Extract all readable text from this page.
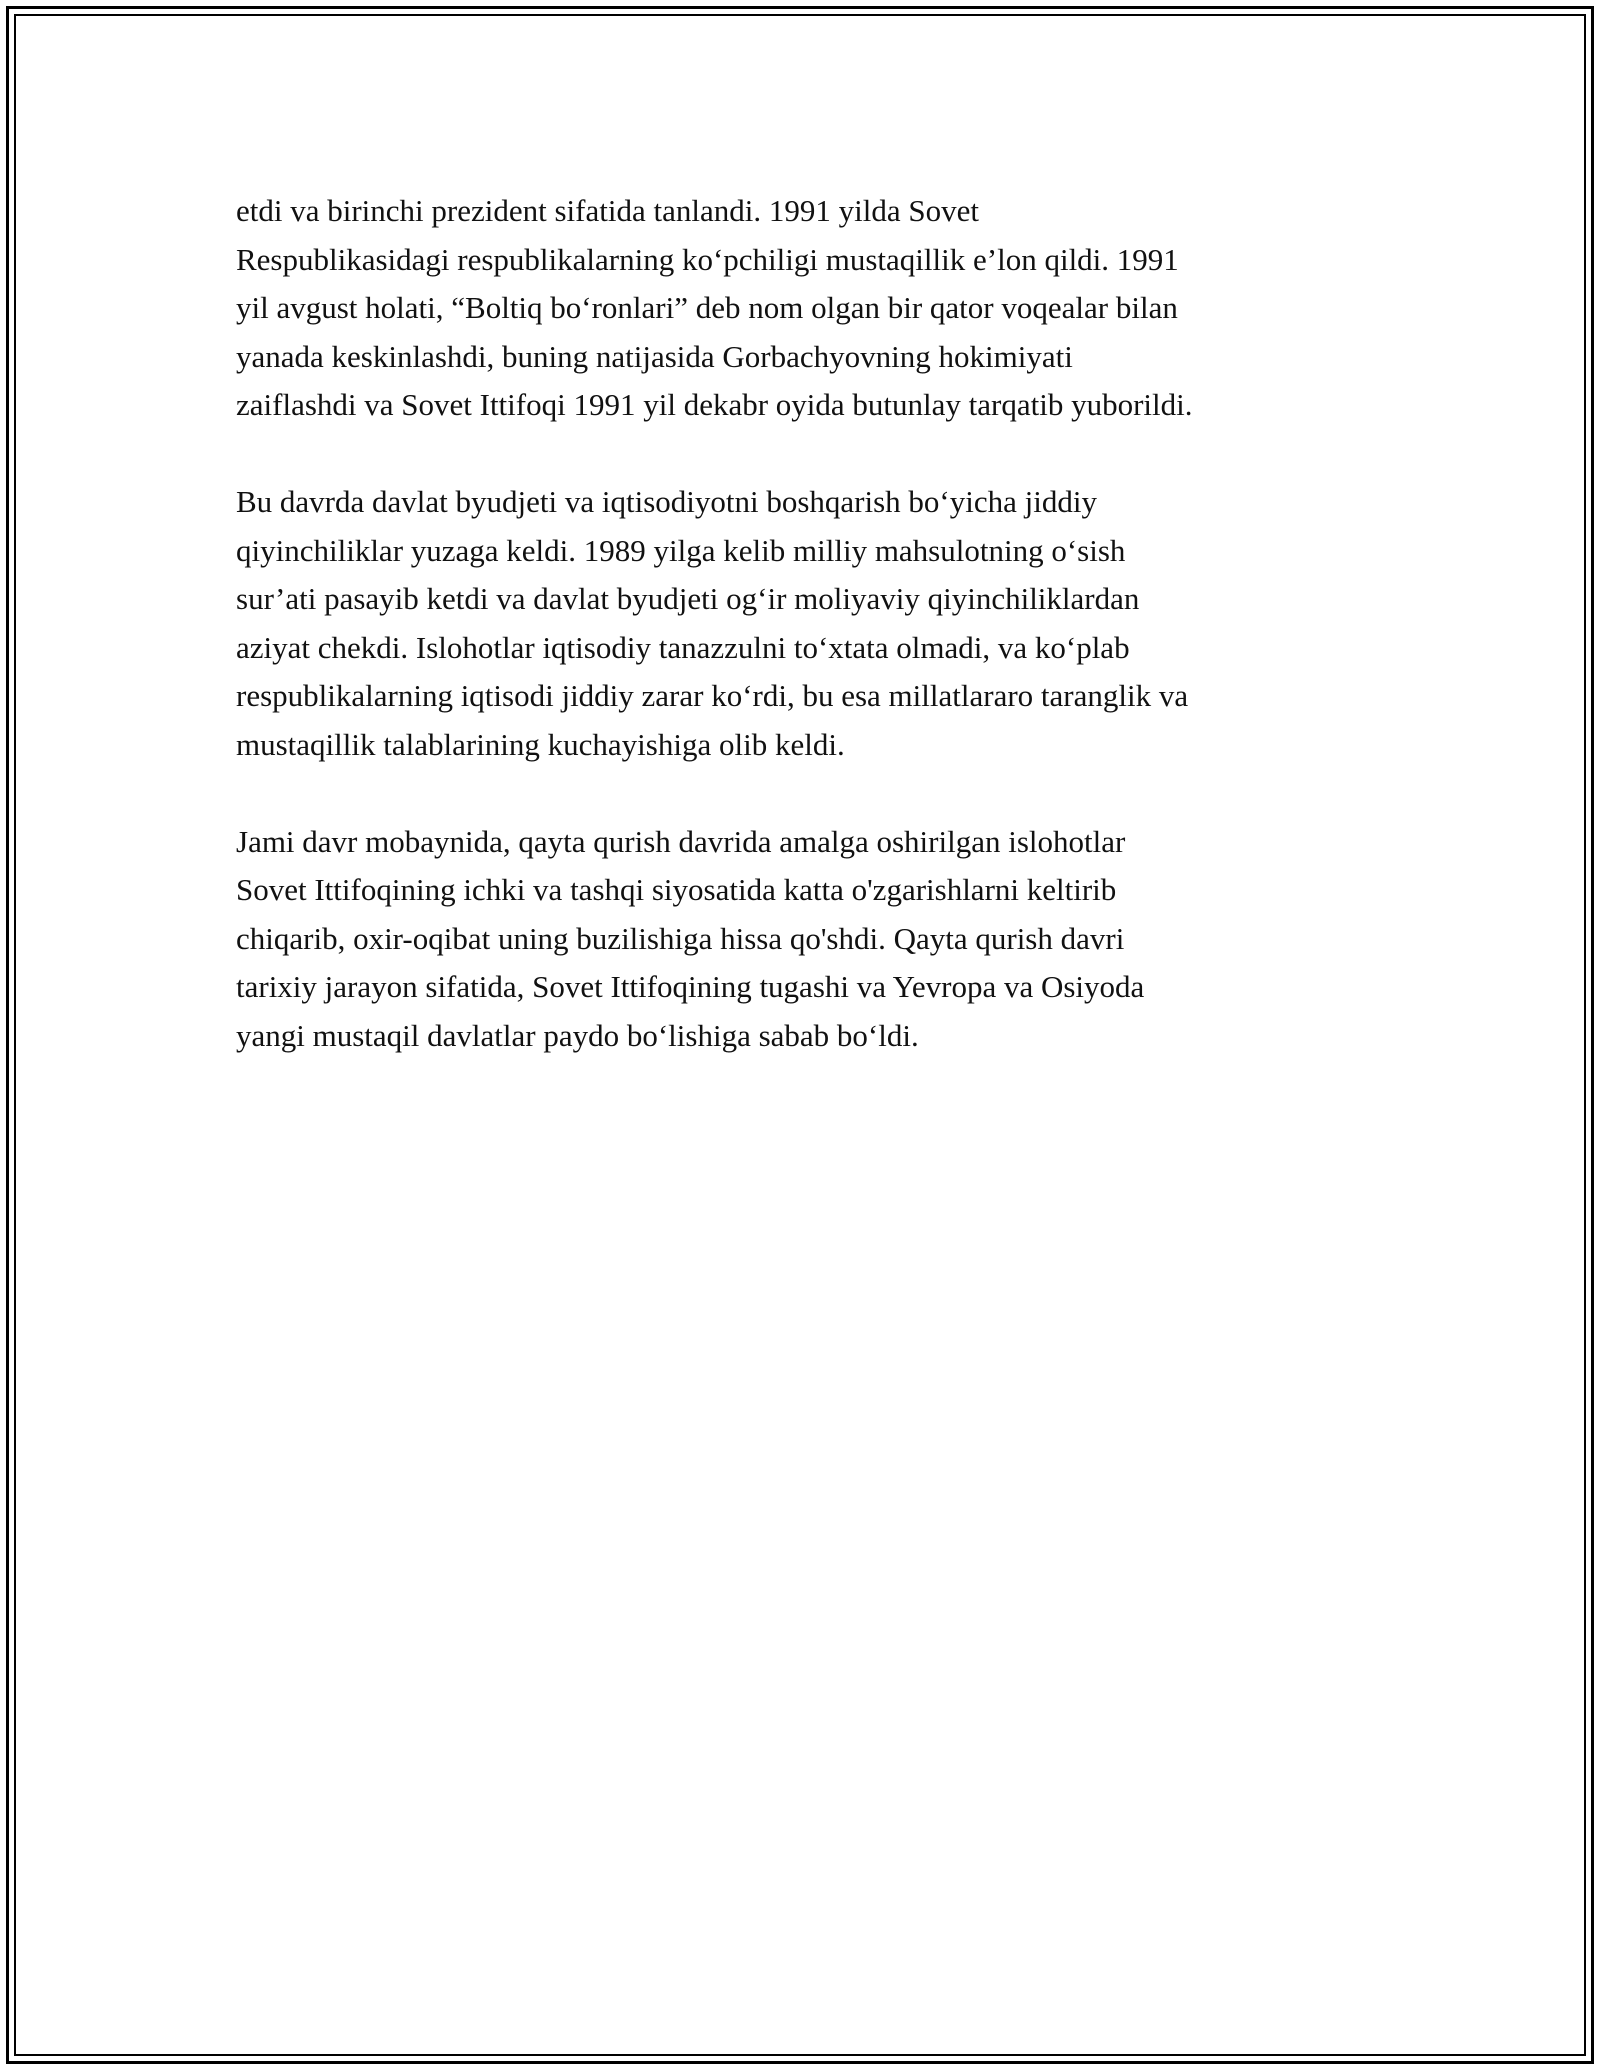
etdi va birinchi prezident sifatida tanlandi. 1991 yilda Sovet
Respublikasidagi respublikalarning ko‘pchiligi mustaqillik e’lon qildi. 1991
yil avgust holati, “Boltiq bo‘ronlari” deb nom olgan bir qator voqealar bilan
yanada keskinlashdi, buning natijasida Gorbachyovning hokimiyati
zaiflashdi va Sovet Ittifoqi 1991 yil dekabr oyida butunlay tarqatib yuborildi.

Bu davrda davlat byudjeti va iqtisodiyotni boshqarish bo‘yicha jiddiy
qiyinchiliklar yuzaga keldi. 1989 yilga kelib milliy mahsulotning o‘sish
sur’ati pasayib ketdi va davlat byudjeti og‘ir moliyaviy qiyinchiliklardan
aziyat chekdi. Islohotlar iqtisodiy tanazzulni to‘xtata olmadi, va ko‘plab
respublikalarning iqtisodi jiddiy zarar ko‘rdi, bu esa millatlararo taranglik va
mustaqillik talablarining kuchayishiga olib keldi.

Jami davr mobaynida, qayta qurish davrida amalga oshirilgan islohotlar
Sovet Ittifoqining ichki va tashqi siyosatida katta o'zgarishlarni keltirib
chiqarib, oxir-oqibat uning buzilishiga hissa qo'shdi. Qayta qurish davri
tarixiy jarayon sifatida, Sovet Ittifoqining tugashi va Yevropa va Osiyoda
yangi mustaqil davlatlar paydo bo‘lishiga sabab bo‘ldi.
